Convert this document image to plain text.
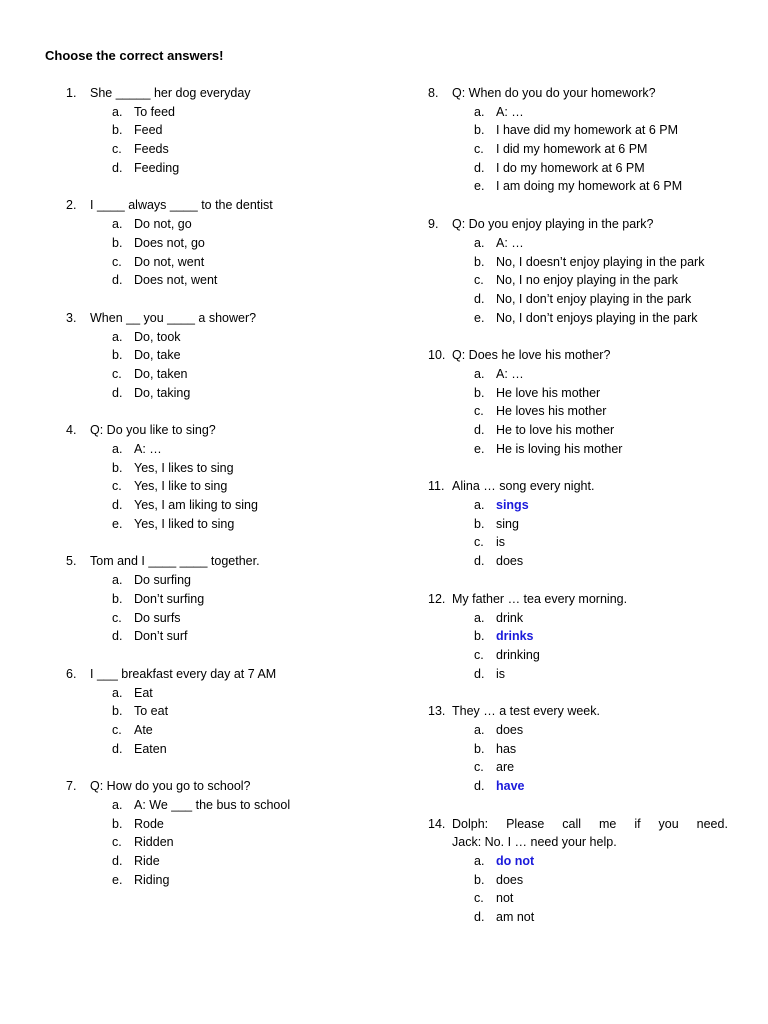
Choose the correct answers!
1.	She _____ her dog everyday
a. To feed
b. Feed
c. Feeds
d. Feeding
2.	I ____ always ____ to the dentist
a. Do not, go
b. Does not, go
c. Do not, went
d. Does not, went
3.	When __ you ____ a shower?
a. Do, took
b. Do, take
c. Do, taken
d. Do, taking
4.	Q: Do you like to sing?
a. A: …
b. Yes, I likes to sing
c. Yes, I like to sing
d. Yes, I am liking to sing
e. Yes, I liked to sing
5.	Tom and I ____ ____ together.
a. Do surfing
b. Don’t surfing
c. Do surfs
d. Don’t surf
6.	I ___ breakfast every day at 7 AM
a. Eat
b. To eat
c. Ate
d. Eaten
7.	Q: How do you go to school?
a. A: We ___ the bus to school
b. Rode
c. Ridden
d. Ride
e. Riding
8.	Q: When do you do your homework?
a. A: …
b. I have did my homework at 6 PM
c. I did my homework at 6 PM
d. I do my homework at 6 PM
e. I am doing my homework at 6 PM
9.	Q: Do you enjoy playing in the park?
a. A: …
b. No, I doesn’t enjoy playing in the park
c. No, I no enjoy playing in the park
d. No, I don’t enjoy playing in the park
e. No, I don’t enjoys playing in the park
10. Q: Does he love his mother?
a. A: …
b. He love his mother
c. He loves his mother
d. He to love his mother
e. He is loving his mother
11. Alina … song every night.
a. sings
b. sing
c. is
d. does
12. My father … tea every morning.
a. drink
b. drinks
c. drinking
d. is
13. They … a test every week.
a. does
b. has
c. are
d. have
14. Dolph: Please call me if you need.
Jack: No. I … need your help.
a. do not
b. does
c. not
d. am not
